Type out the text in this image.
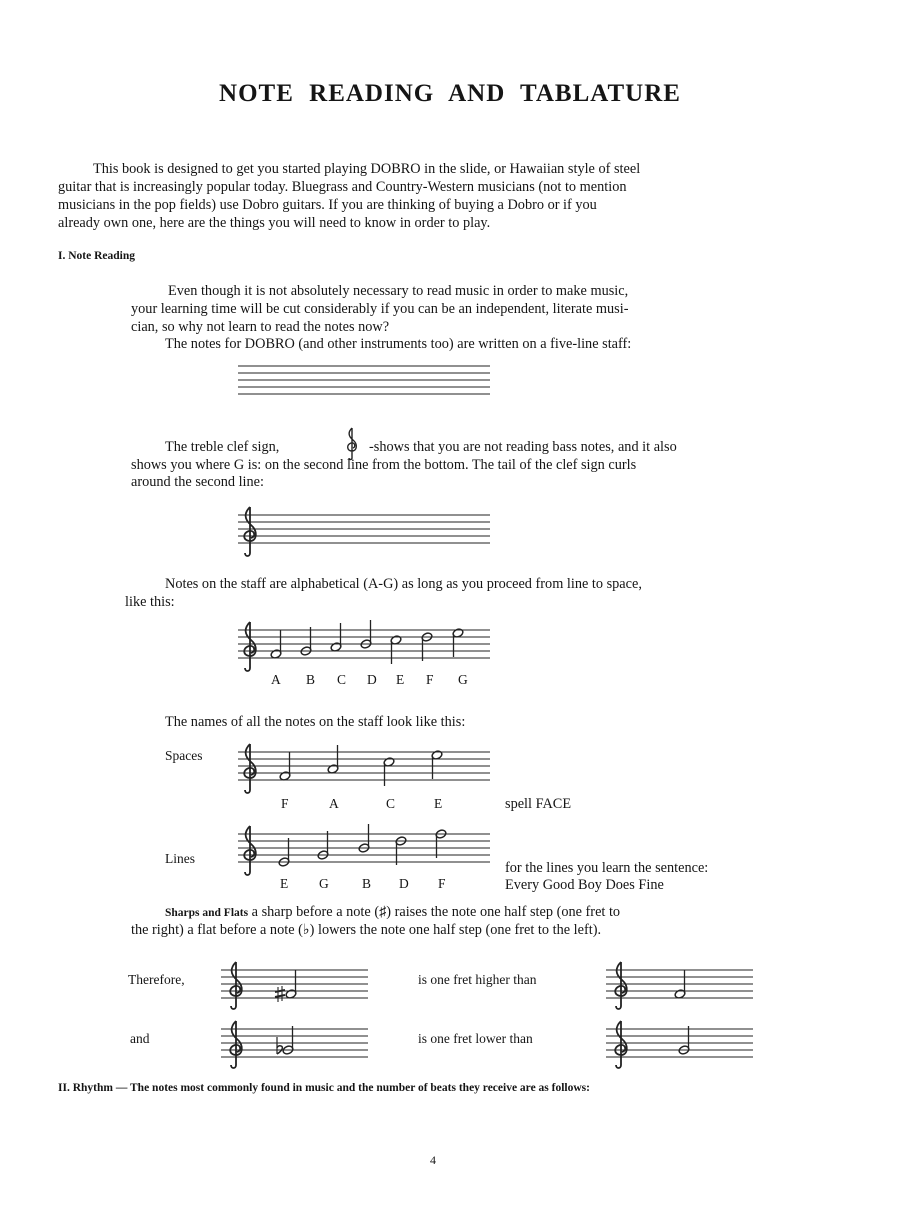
NOTE READING AND TABLATURE
This book is designed to get you started playing DOBRO in the slide, or Hawaiian style of steel
guitar that is increasingly popular today. Bluegrass and Country-Western musicians (not to mention
musicians in the pop fields) use Dobro guitars. If you are thinking of buying a Dobro or if you
already own one, here are the things you will need to know in order to play.
I. Note Reading
Even though it is not absolutely necessary to read music in order to make music,
your learning time will be cut considerably if you can be an independent, literate musi-
cian, so why not learn to read the notes now?
The notes for DOBRO (and other instruments too) are written on a five-line staff:
The treble clef sign,	-shows that you are not reading bass notes, and it also
shows you where G is: on the second line from the bottom. The tail of the clef sign curls
around the second line:
Notes on the staff are alphabetical (A-G) as long as you proceed from line to space,
like this:
A B C D E F G
The names of all the notes on the staff look like this:
Spaces
F	A	C	E	spell FACE
Lines
E G B D F
for the lines you learn the sentence:
Every Good Boy Does Fine
Sharps and Flats a sharp before a note (♯) raises the note one half step (one fret to
the right) a flat before a note (♭) lowers the note one half step (one fret to the left).
Therefore,	is one fret higher than
and	is one fret lower than
II. Rhythm — The notes most commonly found in music and the number of beats they receive are as follows:
4
